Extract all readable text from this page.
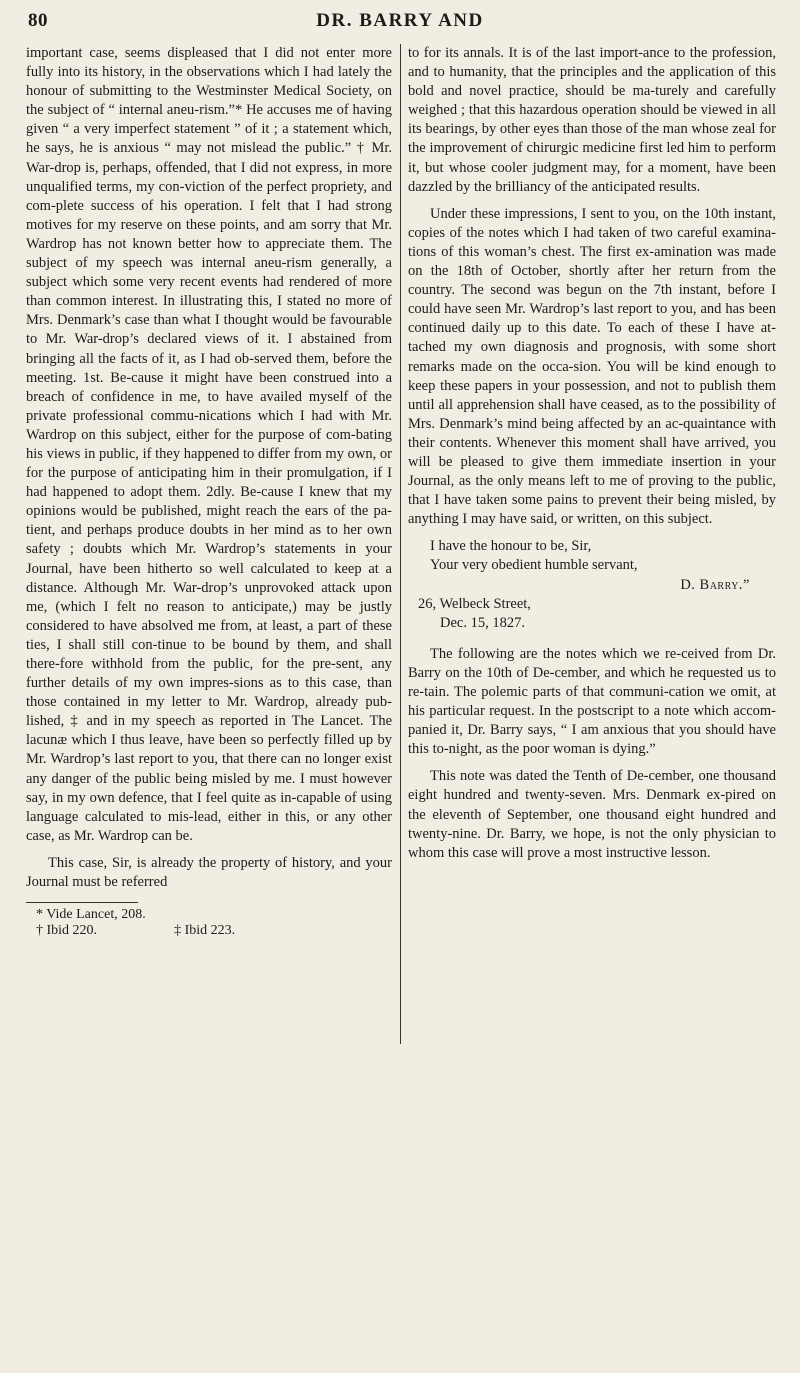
80	DR. BARRY AND

important case, seems displeased that I did not enter more fully into its history, in the observations which I had lately the honour of submitting to the Westminster Medical Society, on the subject of “ internal aneu-rism.”* He accuses me of having given “ a very imperfect statement ” of it ; a statement which, he says, he is anxious “ may not mislead the public.” † Mr. War-drop is, perhaps, offended, that I did not express, in more unqualified terms, my con-viction of the perfect propriety, and com-plete success of his operation. I felt that I had strong motives for my reserve on these points, and am sorry that Mr. Wardrop has not known better how to appreciate them. The subject of my speech was internal aneu-rism generally, a subject which some very recent events had rendered of more than common interest. In illustrating this, I stated no more of Mrs. Denmark’s case than what I thought would be favourable to Mr. War-drop’s declared views of it. I abstained from bringing all the facts of it, as I had ob-served them, before the meeting. 1st. Be-cause it might have been construed into a breach of confidence in me, to have availed myself of the private professional commu-nications which I had with Mr. Wardrop on this subject, either for the purpose of com-bating his views in public, if they happened to differ from my own, or for the purpose of anticipating him in their promulgation, if I had happened to adopt them. 2dly. Be-cause I knew that my opinions would be published, might reach the ears of the pa-tient, and perhaps produce doubts in her mind as to her own safety ; doubts which Mr. Wardrop’s statements in your Journal, have been hitherto so well calculated to keep at a distance. Although Mr. War-drop’s unprovoked attack upon me, (which I felt no reason to anticipate,) may be justly considered to have absolved me from, at least, a part of these ties, I shall still con-tinue to be bound by them, and shall there-fore withhold from the public, for the pre-sent, any further details of my own impres-sions as to this case, than those contained in my letter to Mr. Wardrop, already pub-lished, ‡ and in my speech as reported in The Lancet. The lacunæ which I thus leave, have been so perfectly filled up by Mr. Wardrop’s last report to you, that there can no longer exist any danger of the public being misled by me. I must however say, in my own defence, that I feel quite as in-capable of using language calculated to mis-lead, either in this, or any other case, as Mr. Wardrop can be.

This case, Sir, is already the property of history, and your Journal must be referred

* Vide Lancet, 208.

† Ibid 220.	‡ Ibid 223.

to for its annals. It is of the last import-ance to the profession, and to humanity, that the principles and the application of this bold and novel practice, should be ma-turely and carefully weighed ; that this hazardous operation should be viewed in all its bearings, by other eyes than those of the man whose zeal for the improvement of chirurgic medicine first led him to perform it, but whose cooler judgment may, for a moment, have been dazzled by the brilliancy of the anticipated results.

Under these impressions, I sent to you, on the 10th instant, copies of the notes which I had taken of two careful examina-tions of this woman’s chest. The first ex-amination was made on the 18th of October, shortly after her return from the country. The second was begun on the 7th instant, before I could have seen Mr. Wardrop’s last report to you, and has been continued daily up to this date. To each of these I have at-tached my own diagnosis and prognosis, with some short remarks made on the occa-sion. You will be kind enough to keep these papers in your possession, and not to publish them until all apprehension shall have ceased, as to the possibility of Mrs. Denmark’s mind being affected by an ac-quaintance with their contents. Whenever this moment shall have arrived, you will be pleased to give them immediate insertion in your Journal, as the only means left to me of proving to the public, that I have taken some pains to prevent their being misled, by anything I may have said, or written, on this subject.

I have the honour to be, Sir,

Your very obedient humble servant,

D. Barry.”

26, Welbeck Street,

Dec. 15, 1827.

The following are the notes which we re-ceived from Dr. Barry on the 10th of De-cember, and which he requested us to re-tain. The polemic parts of that communi-cation we omit, at his particular request. In the postscript to a note which accom-panied it, Dr. Barry says, “ I am anxious that you should have this to-night, as the poor woman is dying.”

This note was dated the Tenth of De-cember, one thousand eight hundred and twenty-seven. Mrs. Denmark ex-pired on the eleventh of September, one thousand eight hundred and twenty-nine. Dr. Barry, we hope, is not the only physician to whom this case will prove a most instructive lesson.
